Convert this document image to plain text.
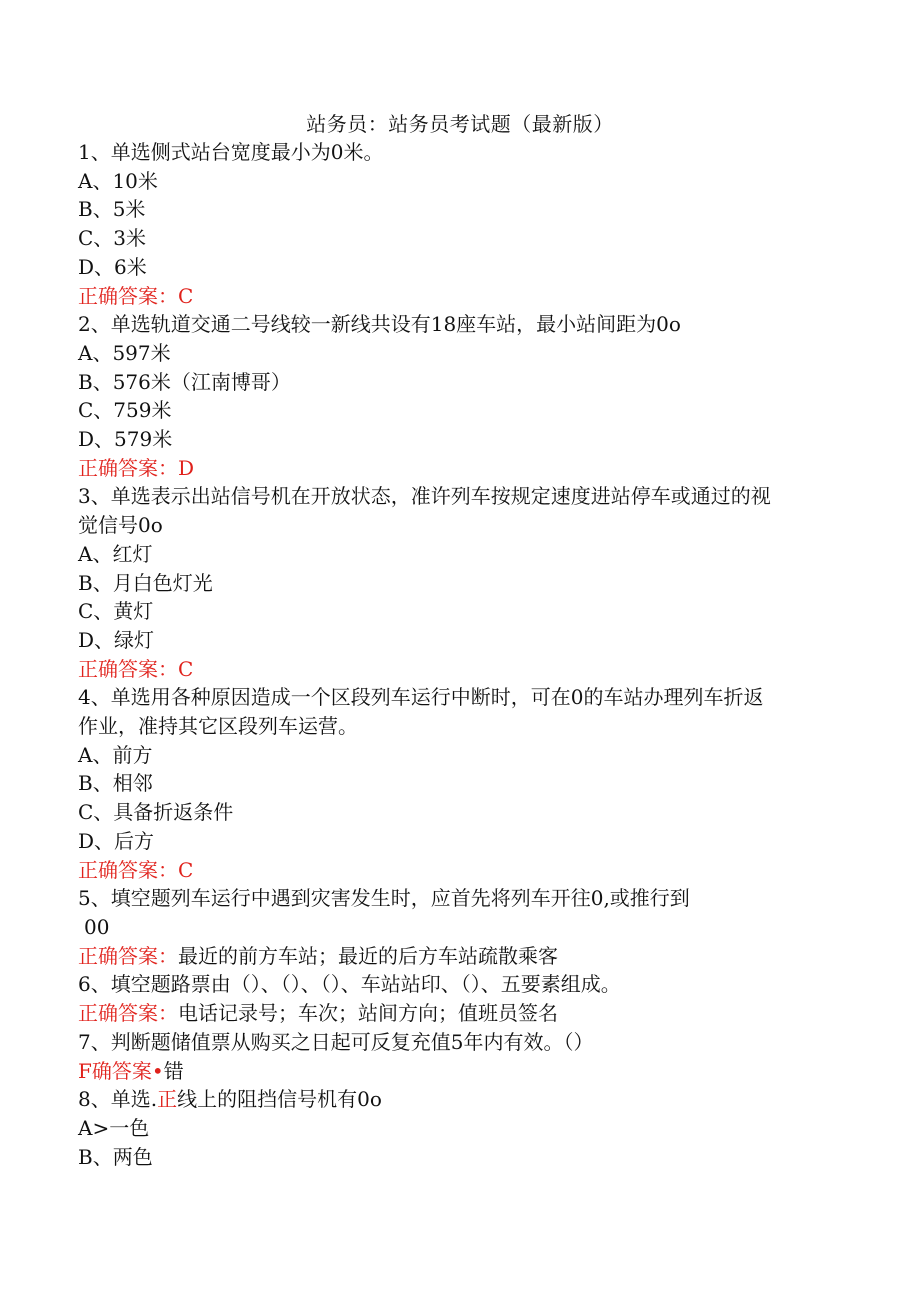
站务员：站务员考试题（最新版）
1、单选侧式站台宽度最小为0米。
A、10米
B、5米
C、3米
D、6米
正确答案：C
2、单选轨道交通二号线较一新线共设有18座车站，最小站间距为0o
A、597米
B、576米（江南博哥）
C、759米
D、579米
正确答案：D
3、单选表示出站信号机在开放状态，准许列车按规定速度进站停车或通过的视
觉信号0o
A、红灯
B、月白色灯光
C、黄灯
D、绿灯
正确答案：C
4、单选用各种原因造成一个区段列车运行中断时，可在0的车站办理列车折返
作业，准持其它区段列车运营。
A、前方
B、相邻
C、具备折返条件
D、后方
正确答案：C
5、填空题列车运行中遇到灾害发生时，应首先将列车开往0,或推行到
00
正确答案：最近的前方车站；最近的后方车站疏散乘客
6、填空题路票由（）、（）、（）、车站站印、（）、五要素组成。
正确答案：电话记录号；车次；站间方向；值班员签名
7、判断题储值票从购买之日起可反复充值5年内有效。（）
F确答案•错
8、单选.正线上的阻挡信号机有0o
A>一色
B、两色
